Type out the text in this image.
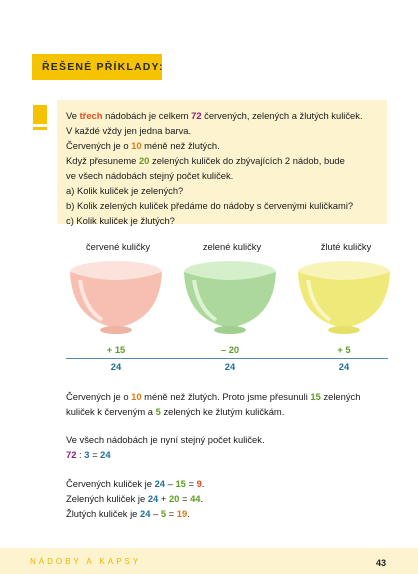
ŘEŠENÉ PŘÍKLADY:
Ve třech nádobách je celkem 72 červených, zelených a žlutých kuliček.
V každé vždy jen jedna barva.
Červených je o 10 méně než žlutých.
Když přesuneme 20 zelených kuliček do zbývajících 2 nádob, bude
ve všech nádobách stejný počet kuliček.
a) Kolik kuliček je zelených?
b) Kolik zelených kuliček předáme do nádoby s červenými kuličkami?
c) Kolik kuliček je žlutých?
červené kuličky	zelené kuličky	žluté kuličky
+ 15	– 20	+ 5
24	24	24
Červených je o 10 méně než žlutých. Proto jsme přesunuli 15 zelených
kuliček k červeným a 5 zelených ke žlutým kuličkám.
Ve všech nádobách je nyní stejný počet kuliček.
72 : 3 = 24
Červených kuliček je 24 – 15 = 9.
Zelených kuliček je 24 + 20 = 44.
Žlutých kuliček je 24 – 5 = 19.
NÁDOBY A KAPSY	43
